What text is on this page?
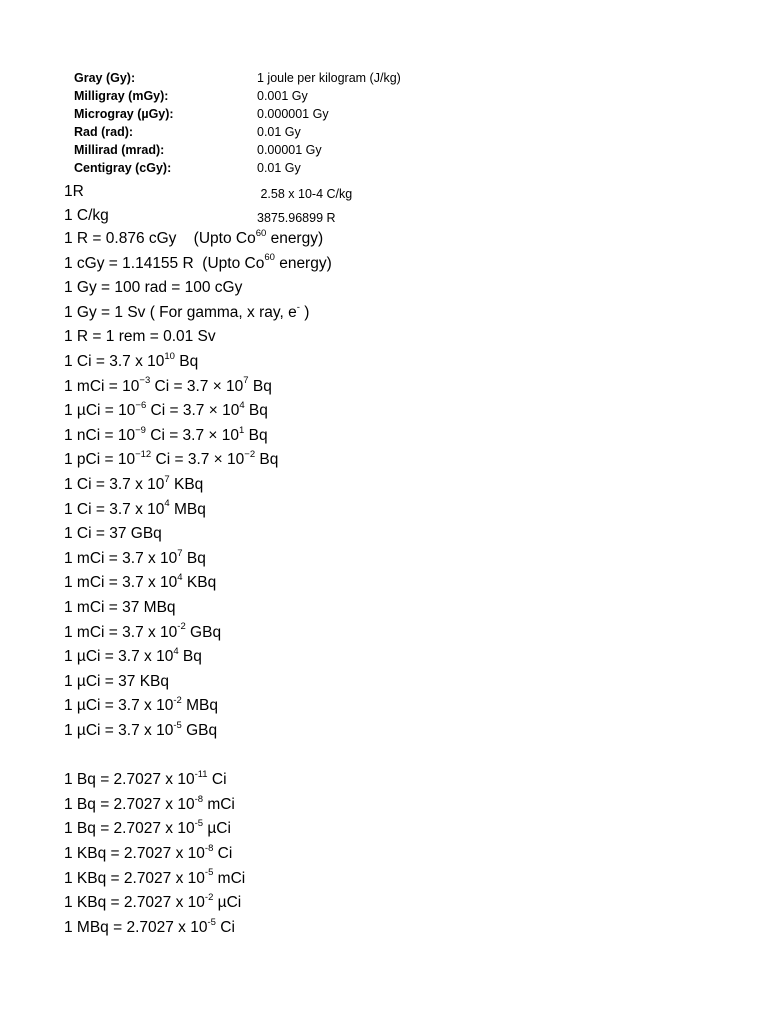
Gray (Gy):	1 joule per kilogram (J/kg)
Milligray (mGy):	0.001 Gy
Microgray (µGy):	0.000001 Gy
Rad (rad):	0.01 Gy
Millirad (mrad):	0.00001 Gy
Centigray (cGy):	0.01 Gy
1R	2.58 x 10-4 C/kg
1 C/kg	3875.96899 R
1 R = 0.876 cGy    (Upto Co$^{60}$ energy)
1 cGy = 1.14155 R  (Upto Co$^{60}$ energy)
1 Gy = 100 rad = 100 cGy
1 Gy = 1 Sv ( For gamma, x ray, e- )
1 R = 1 rem = 0.01 Sv
1 Ci = 3.7 x $10^{10}$ Bq
1 mCi = $10^{-3}$ $Ci = 3.7 \times 10^7$ Bq
1 $\mu Ci = 10^{-6}$ $Ci = 3.7 \times 10^4$ Bq
1 nCi = $10^{-9}$ $Ci = 3.7 \times 10^1$ Bq
1 pCi = $10^{-12}$ $Ci = 3.7 \times 10^{-2}$ Bq
1 Ci = 3.7 x $10^7$ KBq
1 Ci = 3.7 x $10^4$ MBq
1 Ci = 37 GBq
1 mCi = 3.7 x $10^7$ Bq
1 mCi = 3.7 x $10^4$ KBq
1 mCi = 37 MBq
1 mCi = 3.7 x $10^{-2}$ GBq
1 µCi = 3.7 x $10^4$ Bq
1 µCi = 37 KBq
1 µCi = 3.7 x $10^{-2}$ MBq
1 µCi = 3.7 x $10^{-5}$ GBq
1 Bq = 2.7027 x $10^{-11}$ Ci
1 Bq = 2.7027 x $10^{-8}$ mCi
1 Bq = 2.7027 x $10^{-5}$ µCi
1 KBq = 2.7027 x $10^{-8}$ Ci
1 KBq = 2.7027 x $10^{-5}$ mCi
1 KBq = 2.7027 x $10^{-2}$ µCi
1 MBq = 2.7027 x $10^{-5}$ Ci
